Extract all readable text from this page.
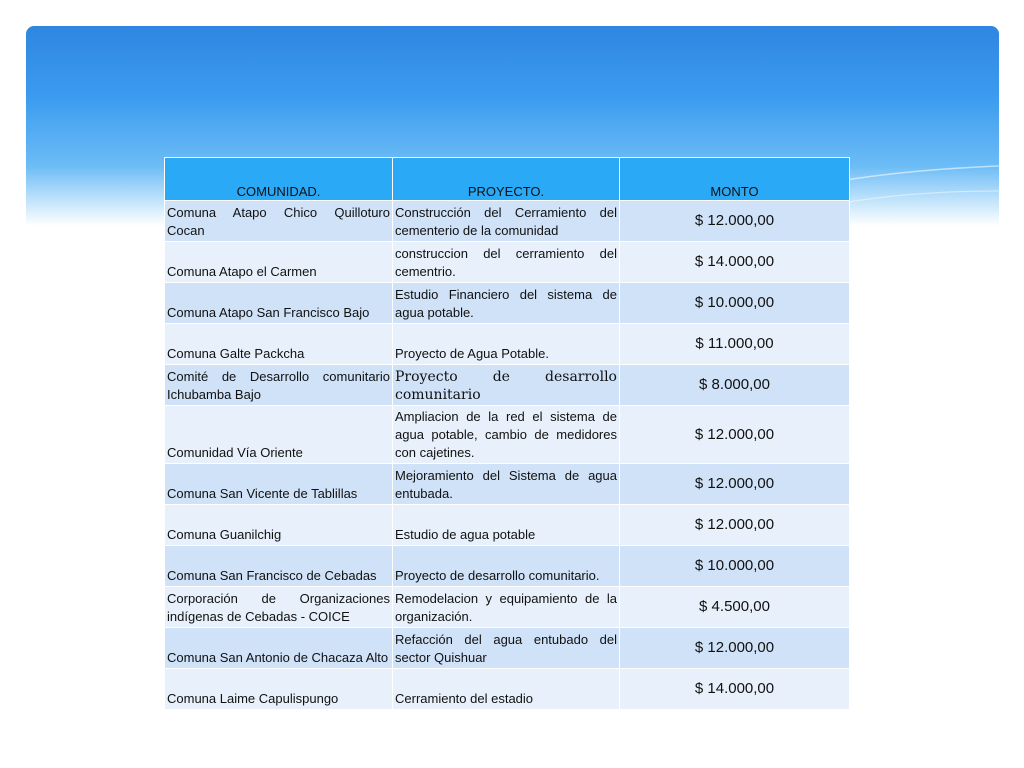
COMUNIDAD.	PROYECTO.	MONTO
Comuna Atapo Chico Quilloturo Cocan	Construcción del Cerramiento del cementerio de la comunidad	$ 12.000,00
Comuna Atapo el Carmen	construccion del cerramiento del cementrio.	$ 14.000,00
Comuna Atapo San Francisco Bajo	Estudio Financiero del sistema de agua potable.	$ 10.000,00
Comuna Galte Packcha	Proyecto de Agua Potable.	$ 11.000,00
Comité de Desarrollo comunitario Ichubamba Bajo	Proyecto de desarrollo comunitario	$ 8.000,00
Comunidad Vía Oriente	Ampliacion de la red el sistema de agua potable, cambio de medidores con cajetines.	$ 12.000,00
Comuna San Vicente de Tablillas	Mejoramiento del Sistema de agua entubada.	$ 12.000,00
Comuna Guanilchig	Estudio de agua potable	$ 12.000,00
Comuna San Francisco de Cebadas	Proyecto de desarrollo comunitario.	$ 10.000,00
Corporación de Organizaciones indígenas de Cebadas - COICE	Remodelacion y equipamiento de la organización.	$ 4.500,00
Comuna San Antonio de Chacaza Alto	Refacción del agua entubado del sector Quishuar	$ 12.000,00
Comuna Laime Capulispungo	Cerramiento del estadio	$ 14.000,00
